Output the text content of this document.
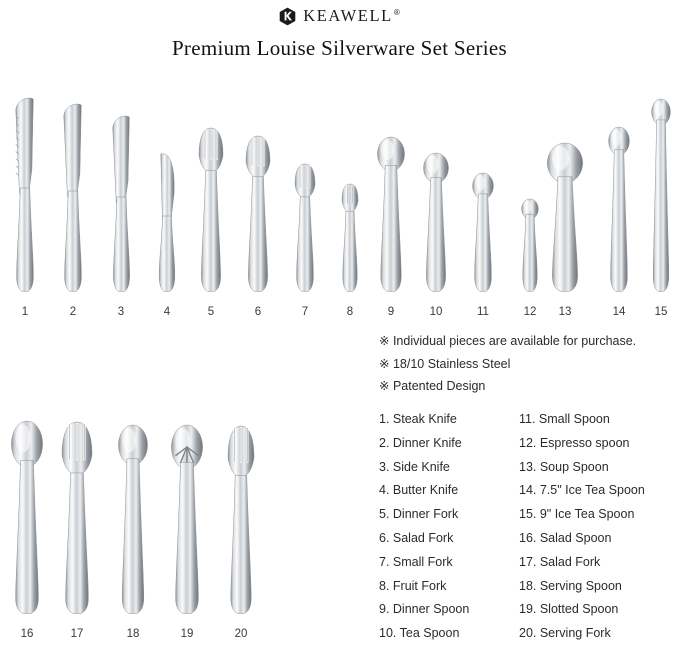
KEAWELL®
Premium Louise Silverware Set Series
1	2	3	4	5	6	7	8	9	10	11	12	13	14	15
16	17	18	19	20
※ Individual pieces are available for purchase.
※ 18/10 Stainless Steel
※ Patented Design
1. Steak Knife
2. Dinner Knife
3. Side Knife
4. Butter Knife
5. Dinner Fork
6. Salad Fork
7. Small Fork
8. Fruit Fork
9. Dinner Spoon
10. Tea Spoon
11. Small Spoon
12. Espresso spoon
13. Soup Spoon
14. 7.5" Ice Tea Spoon
15. 9" Ice Tea Spoon
16. Salad Spoon
17. Salad Fork
18. Serving Spoon
19. Slotted Spoon
20. Serving Fork
